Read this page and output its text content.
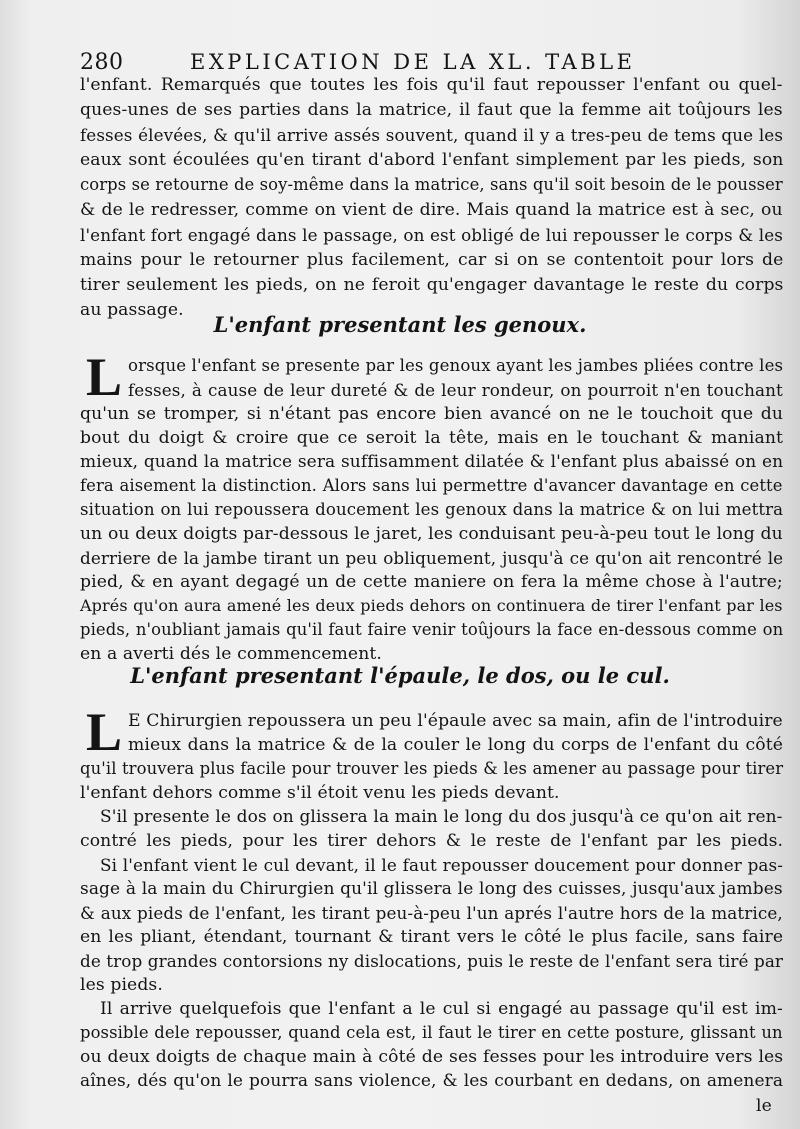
280	EXPLICATION DE LA XL. TABLE
l'enfant. Remarqués que toutes les fois qu'il faut repousser l'enfant ou quel-
ques-unes de ses parties dans la matrice, il faut que la femme ait toûjours les
fesses élevées, & qu'il arrive assés souvent, quand il y a tres-peu de tems que les
eaux sont écoulées qu'en tirant d'abord l'enfant simplement par les pieds, son
corps se retourne de soy-même dans la matrice, sans qu'il soit besoin de le pousser
& de le redresser, comme on vient de dire. Mais quand la matrice est à sec, ou
l'enfant fort engagé dans le passage, on est obligé de lui repousser le corps & les
mains pour le retourner plus facilement, car si on se contentoit pour lors de
tirer seulement les pieds, on ne feroit qu'engager davantage le reste du corps
au passage.
L'enfant presentant les genoux.
L orsque l'enfant se presente par les genoux ayant les jambes pliées contre les
fesses, à cause de leur dureté & de leur rondeur, on pourroit n'en touchant
qu'un se tromper, si n'étant pas encore bien avancé on ne le touchoit que du
bout du doigt & croire que ce seroit la tête, mais en le touchant & maniant
mieux, quand la matrice sera suffisamment dilatée & l'enfant plus abaissé on en
fera aisement la distinction. Alors sans lui permettre d'avancer davantage en cette
situation on lui repoussera doucement les genoux dans la matrice & on lui mettra
un ou deux doigts par-dessous le jaret, les conduisant peu-à-peu tout le long du
derriere de la jambe tirant un peu obliquement, jusqu'à ce qu'on ait rencontré le
pied, & en ayant degagé un de cette maniere on fera la même chose à l'autre;
Aprés qu'on aura amené les deux pieds dehors on continuera de tirer l'enfant par les
pieds, n'oubliant jamais qu'il faut faire venir toûjours la face en-dessous comme on
en a averti dés le commencement.
L'enfant presentant l'épaule, le dos, ou le cul.
L E Chirurgien repoussera un peu l'épaule avec sa main, afin de l'introduire
mieux dans la matrice & de la couler le long du corps de l'enfant du côté
qu'il trouvera plus facile pour trouver les pieds & les amener au passage pour tirer
l'enfant dehors comme s'il étoit venu les pieds devant.
S'il presente le dos on glissera la main le long du dos jusqu'à ce qu'on ait ren-
contré les pieds, pour les tirer dehors & le reste de l'enfant par les pieds.
Si l'enfant vient le cul devant, il le faut repousser doucement pour donner pas-
sage à la main du Chirurgien qu'il glissera le long des cuisses, jusqu'aux jambes
& aux pieds de l'enfant, les tirant peu-à-peu l'un aprés l'autre hors de la matrice,
en les pliant, étendant, tournant & tirant vers le côté le plus facile, sans faire
de trop grandes contorsions ny dislocations, puis le reste de l'enfant sera tiré par
les pieds.
Il arrive quelquefois que l'enfant a le cul si engagé au passage qu'il est im-
possible dele repousser, quand cela est, il faut le tirer en cette posture, glissant un
ou deux doigts de chaque main à côté de ses fesses pour les introduire vers les
aînes, dés qu'on le pourra sans violence, & les courbant en dedans, on amenera
le
